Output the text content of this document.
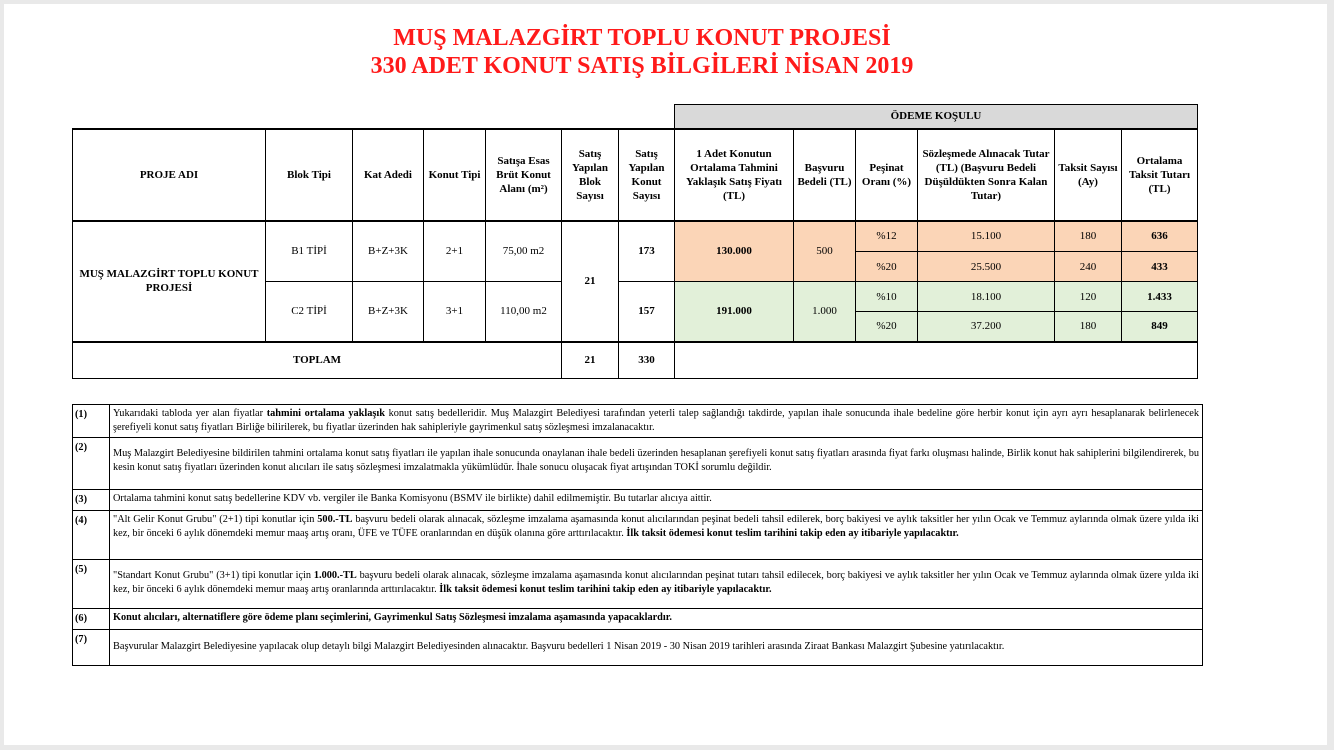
MUŞ MALAZGİRT TOPLU KONUT PROJESİ
330 ADET KONUT SATIŞ BİLGİLERİ NİSAN 2019
							ÖDEME KOŞULU					
PROJE ADI	Blok Tipi	Kat Adedi	Konut Tipi	Satışa Esas Brüt Konut Alanı (m²)	Satış Yapılan Blok Sayısı	Satış Yapılan Konut Sayısı	1 Adet Konutun Ortalama Tahmini Yaklaşık Satış Fiyatı (TL)	Başvuru Bedeli (TL)	Peşinat Oranı (%)	Sözleşmede Alınacak Tutar (TL) (Başvuru Bedeli Düşüldükten Sonra Kalan Tutar)	Taksit Sayısı (Ay)	Ortalama Taksit Tutarı (TL)
MUŞ MALAZGİRT TOPLU KONUT PROJESİ	B1 TİPİ	B+Z+3K	2+1	75,00 m2	21	173	130.000	500	%12	15.100	180	636
									%20	25.500	240	433
	C2 TİPİ	B+Z+3K	3+1	110,00 m2		157	191.000	1.000	%10	18.100	120	1.433
									%20	37.200	180	849
TOPLAM					21	330						
(1)	Yukarıdaki tabloda yer alan fiyatlar tahmini ortalama yaklaşık konut satış bedelleridir. Muş Malazgirt Belediyesi tarafından yeterli talep sağlandığı takdirde, yapılan ihale sonucunda ihale bedeline göre herbir konut için ayrı ayrı hesaplanarak belirlenecek şerefiyeli konut satış fiyatları Birliğe bilirilerek, bu fiyatlar üzerinden hak sahipleriyle gayrimenkul satış sözleşmesi imzalanacaktır.
(2)	Muş Malazgirt Belediyesine bildirilen tahmini ortalama konut satış fiyatları ile yapılan ihale sonucunda onaylanan ihale bedeli üzerinden hesaplanan şerefiyeli konut satış fiyatları arasında fiyat farkı oluşması halinde, Birlik konut hak sahiplerini bilgilendirerek, bu kesin konut satış fiyatları üzerinden konut alıcıları ile satış sözleşmesi imzalatmakla yükümlüdür. İhale sonucu oluşacak fiyat artışından TOKİ sorumlu değildir.
(3)	Ortalama tahmini konut satış bedellerine KDV vb. vergiler ile Banka Komisyonu (BSMV ile birlikte) dahil edilmemiştir. Bu tutarlar alıcıya aittir.
(4)	"Alt Gelir Konut Grubu" (2+1) tipi konutlar için 500.-TL başvuru bedeli olarak alınacak, sözleşme imzalama aşamasında konut alıcılarından peşinat bedeli tahsil edilerek, borç bakiyesi ve aylık taksitler her yılın Ocak ve Temmuz aylarında olmak üzere yılda iki kez, bir önceki 6 aylık dönemdeki memur maaş artış oranı, ÜFE ve TÜFE oranlarından en düşük olanına göre arttırılacaktır. İlk taksit ödemesi konut teslim tarihini takip eden ay itibariyle yapılacaktır.
(5)	"Standart Konut Grubu" (3+1) tipi konutlar için 1.000.-TL başvuru bedeli olarak alınacak, sözleşme imzalama aşamasında konut alıcılarından peşinat tutarı tahsil edilecek, borç bakiyesi ve aylık taksitler her yılın Ocak ve Temmuz aylarında olmak üzere yılda iki kez, bir önceki 6 aylık dönemdeki memur maaş artış oranlarında arttırılacaktır. İlk taksit ödemesi konut teslim tarihini takip eden ay itibariyle yapılacaktır.
(6)	Konut alıcıları, alternatiflere göre ödeme planı seçimlerini, Gayrimenkul Satış Sözleşmesi imzalama aşamasında yapacaklardır.
(7)	Başvurular Malazgirt Belediyesine yapılacak olup detaylı bilgi Malazgirt Belediyesinden alınacaktır. Başvuru bedelleri 1 Nisan 2019 - 30 Nisan 2019 tarihleri arasında Ziraat Bankası Malazgirt Şubesine yatırılacaktır.
